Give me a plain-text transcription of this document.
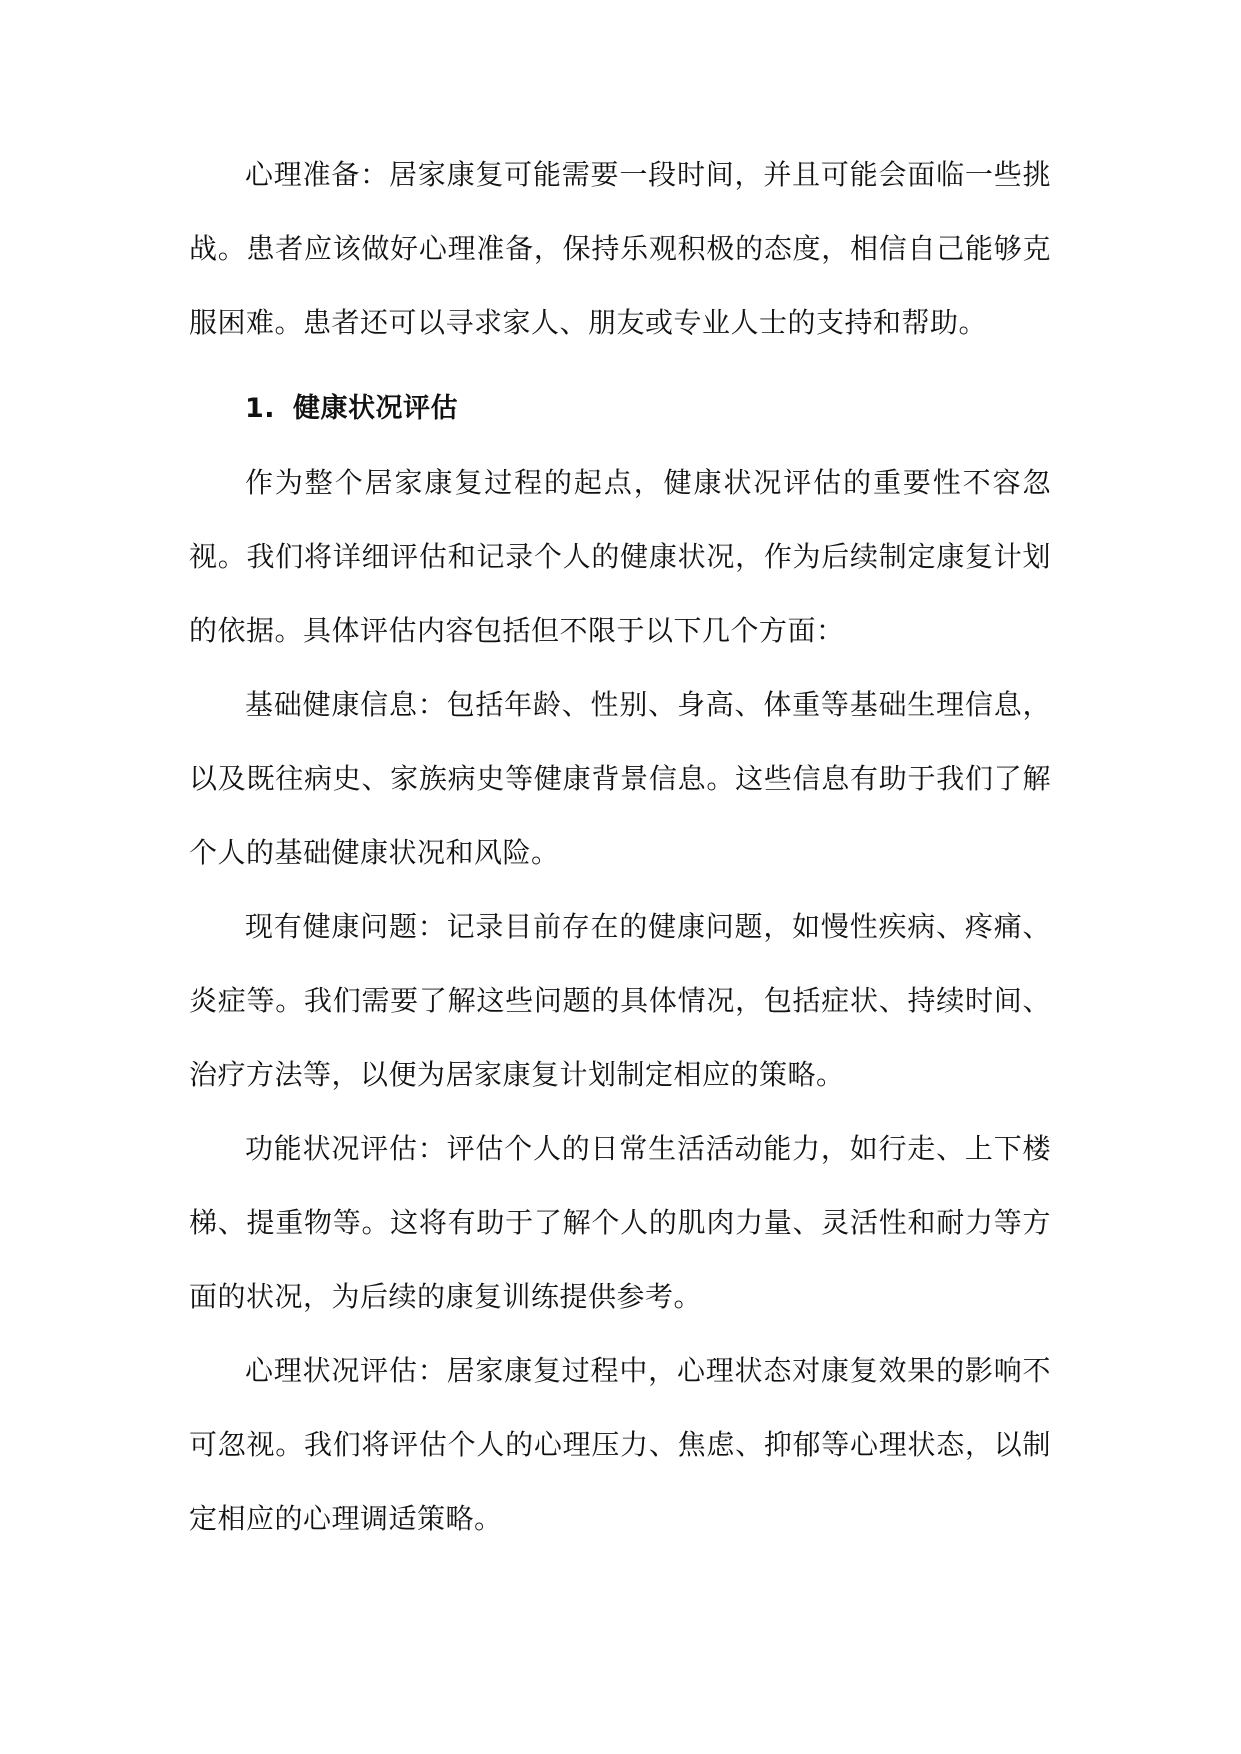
心理准备：居家康复可能需要一段时间，并且可能会面临一些挑战。患者应该做好心理准备，保持乐观积极的态度，相信自己能够克服困难。患者还可以寻求家人、朋友或专业人士的支持和帮助。

1. 健康状况评估

作为整个居家康复过程的起点，健康状况评估的重要性不容忽视。我们将详细评估和记录个人的健康状况，作为后续制定康复计划的依据。具体评估内容包括但不限于以下几个方面：

基础健康信息：包括年龄、性别、身高、体重等基础生理信息，以及既往病史、家族病史等健康背景信息。这些信息有助于我们了解个人的基础健康状况和风险。

现有健康问题：记录目前存在的健康问题，如慢性疾病、疼痛、炎症等。我们需要了解这些问题的具体情况，包括症状、持续时间、治疗方法等，以便为居家康复计划制定相应的策略。

功能状况评估：评估个人的日常生活活动能力，如行走、上下楼梯、提重物等。这将有助于了解个人的肌肉力量、灵活性和耐力等方面的状况，为后续的康复训练提供参考。

心理状况评估：居家康复过程中，心理状态对康复效果的影响不可忽视。我们将评估个人的心理压力、焦虑、抑郁等心理状态，以制定相应的心理调适策略。
